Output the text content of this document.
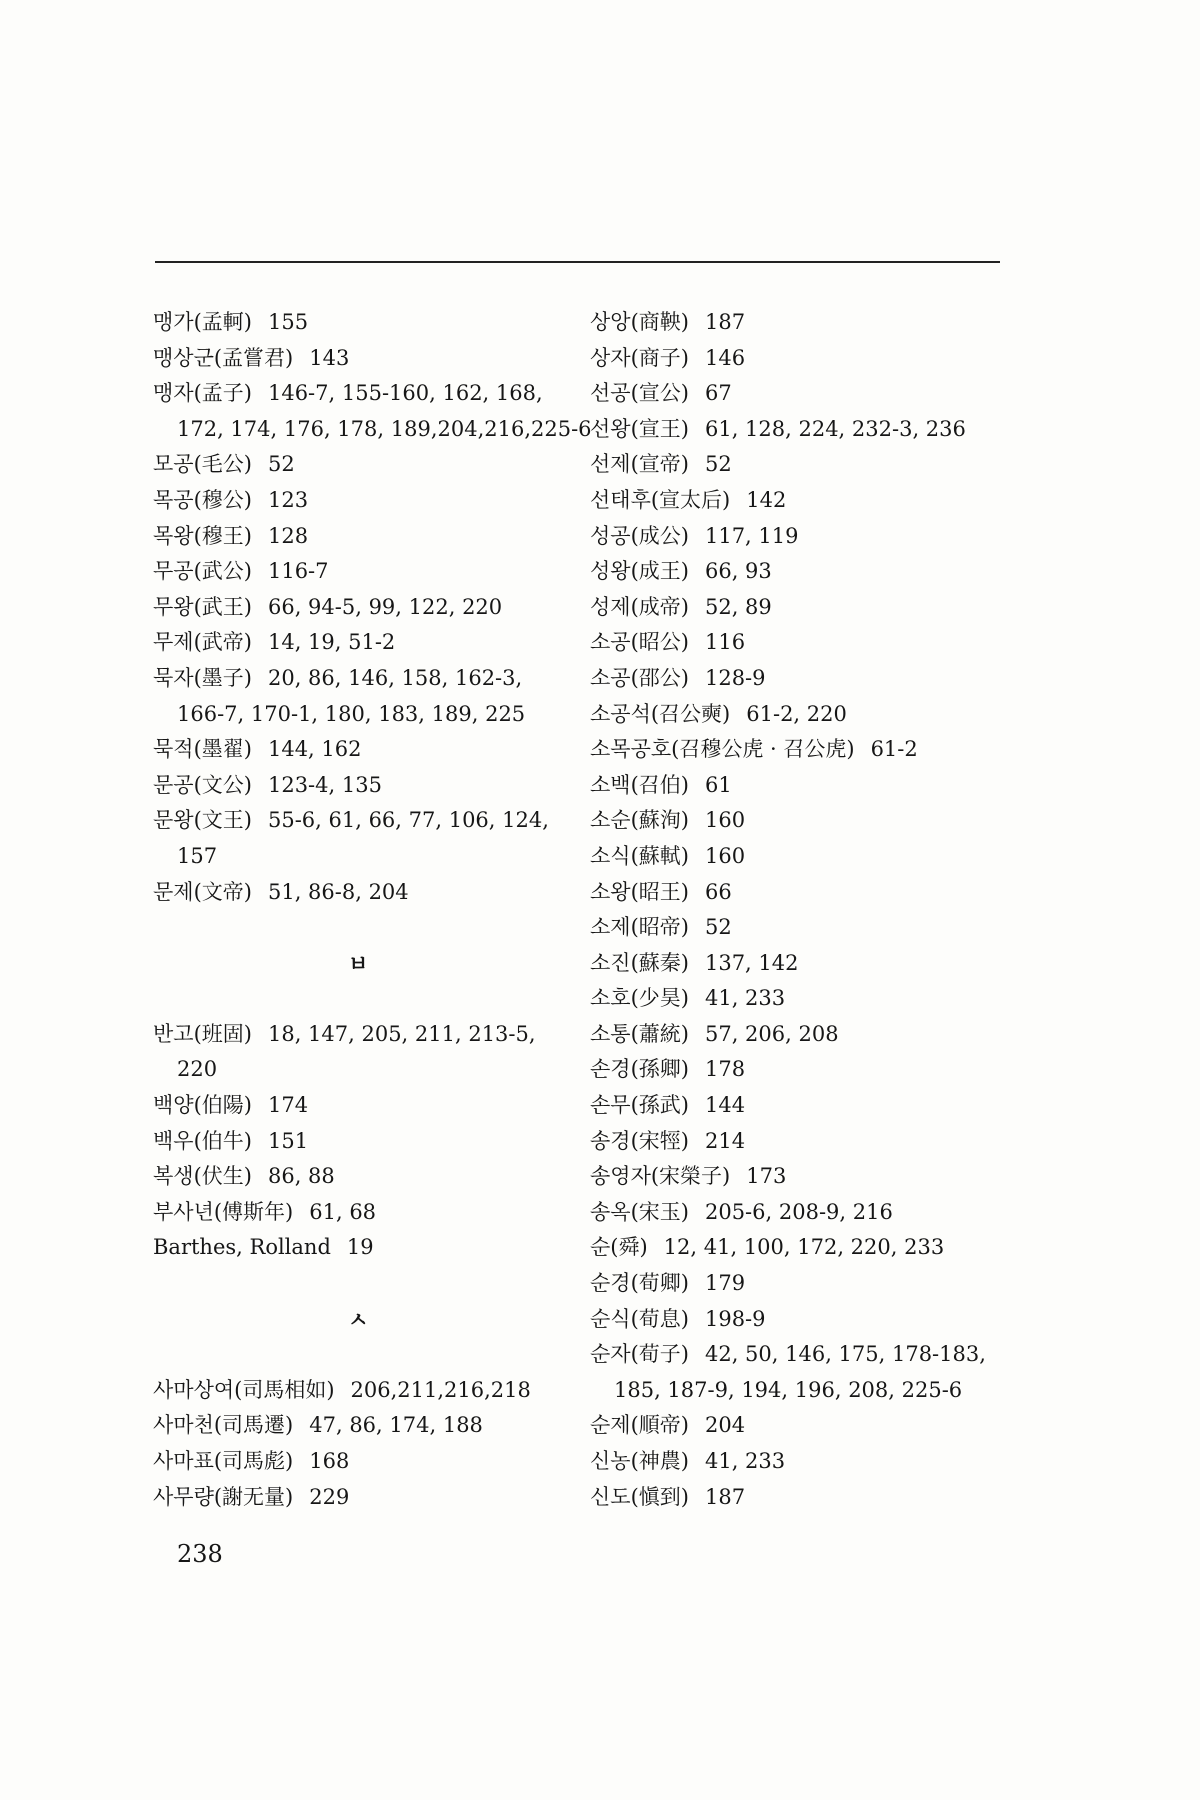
맹가(孟軻) 155
맹상군(孟嘗君) 143
맹자(孟子) 146-7, 155-160, 162, 168,
172, 174, 176, 178, 189,204,216,225-6
모공(毛公) 52
목공(穆公) 123
목왕(穆王) 128
무공(武公) 116-7
무왕(武王) 66, 94-5, 99, 122, 220
무제(武帝) 14, 19, 51-2
묵자(墨子) 20, 86, 146, 158, 162-3,
166-7, 170-1, 180, 183, 189, 225
묵적(墨翟) 144, 162
문공(文公) 123-4, 135
문왕(文王) 55-6, 61, 66, 77, 106, 124,
157
문제(文帝) 51, 86-8, 204
ㅂ
반고(班固) 18, 147, 205, 211, 213-5,
220
백양(伯陽) 174
백우(伯牛) 151
복생(伏生) 86, 88
부사년(傅斯年) 61, 68
Barthes, Rolland 19
ㅅ
사마상여(司馬相如) 206,211,216,218
사마천(司馬遷) 47, 86, 174, 188
사마표(司馬彪) 168
사무량(謝无量) 229
상앙(商鞅) 187
상자(商子) 146
선공(宣公) 67
선왕(宣王) 61, 128, 224, 232-3, 236
선제(宣帝) 52
선태후(宣太后) 142
성공(成公) 117, 119
성왕(成王) 66, 93
성제(成帝) 52, 89
소공(昭公) 116
소공(邵公) 128-9
소공석(召公奭) 61-2, 220
소목공호(召穆公虎 · 召公虎) 61-2
소백(召伯) 61
소순(蘇洵) 160
소식(蘇軾) 160
소왕(昭王) 66
소제(昭帝) 52
소진(蘇秦) 137, 142
소호(少昊) 41, 233
소통(蕭統) 57, 206, 208
손경(孫卿) 178
손무(孫武) 144
송경(宋牼) 214
송영자(宋榮子) 173
송옥(宋玉) 205-6, 208-9, 216
순(舜) 12, 41, 100, 172, 220, 233
순경(荀卿) 179
순식(荀息) 198-9
순자(荀子) 42, 50, 146, 175, 178-183,
185, 187-9, 194, 196, 208, 225-6
순제(順帝) 204
신농(神農) 41, 233
신도(愼到) 187
238
